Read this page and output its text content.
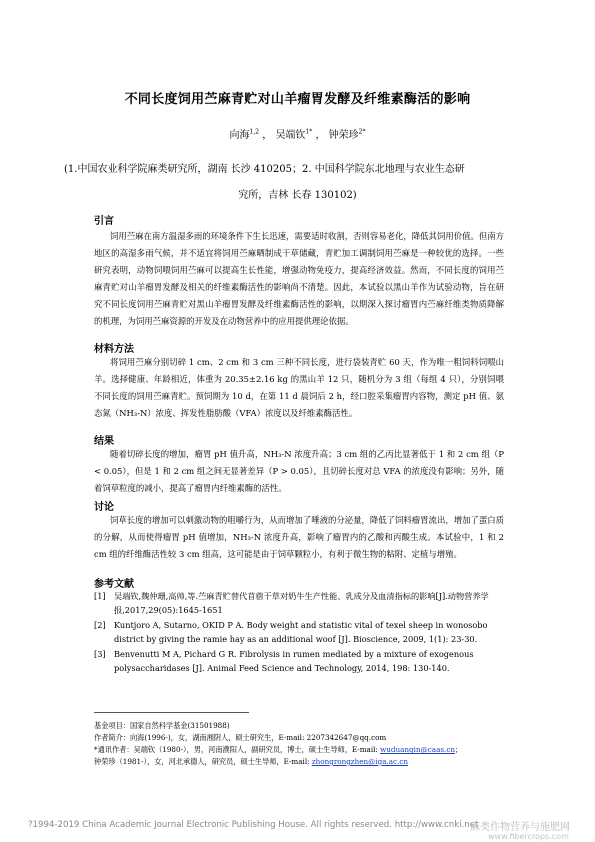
不同长度饲用苎麻青贮对山羊瘤胃发酵及纤维素酶活的影响
向海$^{1,2}$ ， 吴端钦$^{1*}$ ， 钟荣珍$^{2*}$
(1.中国农业科学院麻类研究所，湖南 长沙 410205；2. 中国科学院东北地理与农业生态研
究所，吉林 长春 130102)
引言
饲用苎麻在南方温湿多雨的环境条件下生长迅速，需要适时收割，否则容易老化，降低其饲用价值。但南方地区的高湿多雨气候，并不适宜将饲用苎麻晒制成干草储藏，青贮加工调制饲用苎麻是一种较优的选择。一些研究表明，动物饲喂饲用苎麻可以提高生长性能，增强动物免疫力，提高经济效益。然而，不同长度的饲用苎麻青贮对山羊瘤胃发酵及相关的纤维素酶活性的影响尚不清楚。因此，本试验以黑山羊作为试验动物，旨在研究不同长度饲用苎麻青贮对黑山羊瘤胃发酵及纤维素酶活性的影响，以期深入探讨瘤胃内苎麻纤维类物质降解的机理，为饲用苎麻资源的开发及在动物营养中的应用提供理论依据。
材料方法
将饲用苎麻分别切碎 1 cm、2 cm 和 3 cm 三种不同长度，进行袋装青贮 60 天，作为唯一粗饲料饲喂山羊。选择健康、年龄相近，体重为 20.35±2.16 kg 的黑山羊 12 只，随机分为 3 组（每组 4 只），分别饲喂不同长度的饲用苎麻青贮。预饲期为 10 d，在第 11 d 晨饲后 2 h，经口腔采集瘤胃内容物，测定 pH 值、氨态氮（NH₃-N）浓度、挥发性脂肪酸（VFA）浓度以及纤维素酶活性。
结果
随着切碎长度的增加，瘤胃 pH 值升高，NH₃-N 浓度升高；3 cm 组的乙丙比显著低于 1 和 2 cm 组（P < 0.05），但是 1 和 2 cm 组之间无显著差异（P > 0.05），且切碎长度对总 VFA 的浓度没有影响；另外，随着饲草粒度的减小，提高了瘤胃内纤维素酶的活性。
讨论
饲草长度的增加可以刺激动物的咀嚼行为，从而增加了唾液的分泌量，降低了饲料瘤胃流出，增加了蛋白质的分解，从而使得瘤胃 pH 值增加，NH₃-N 浓度升高，影响了瘤胃内的乙酸和丙酸生成。本试验中，1 和 2 cm 组的纤维酶活性较 3 cm 组高，这可能是由于饲草颗粒小，有利于微生物的粘附、定植与增殖。
参考文献
[1]	吴端钦,魏仲珊,高帅,等.苎麻青贮替代苜蓿干草对奶牛生产性能、乳成分及血清指标的影响[J].动物营养学报,2017,29(05):1645-1651
[2]	Kuntjoro A, Sutarno, OKID P A. Body weight and statistic vital of texel sheep in wonosobo district by giving the ramie hay as an additional woof [J]. Bioscience, 2009, 1(1): 23-30.
[3]	Benvenutti M A, Pichard G R. Fibrolysis in rumen mediated by a mixture of exogenous polysaccharidases [J]. Animal Feed Science and Technology, 2014, 198: 130-140.
基金项目：国家自然科学基金(31501988)
作者简介：向海(1996-)，女，湖南湘阴人，硕士研究生，E-mail: 2207342647@qq.com
*通讯作者：吴端钦（1980-），男，河南濮阳人，副研究员，博士，硕士生导师，E-mail: wuduanqin@caas.cn；
钟荣珍（1981-），女，河北承德人，研究员，硕士生导师，E-mail: zhongrongzhen@iga.ac.cn
?1994-2019 China Academic Journal Electronic Publishing House. All rights reserved. http://www.cnki.net
麻类作物营养与施肥网
www.fibercrops.com
